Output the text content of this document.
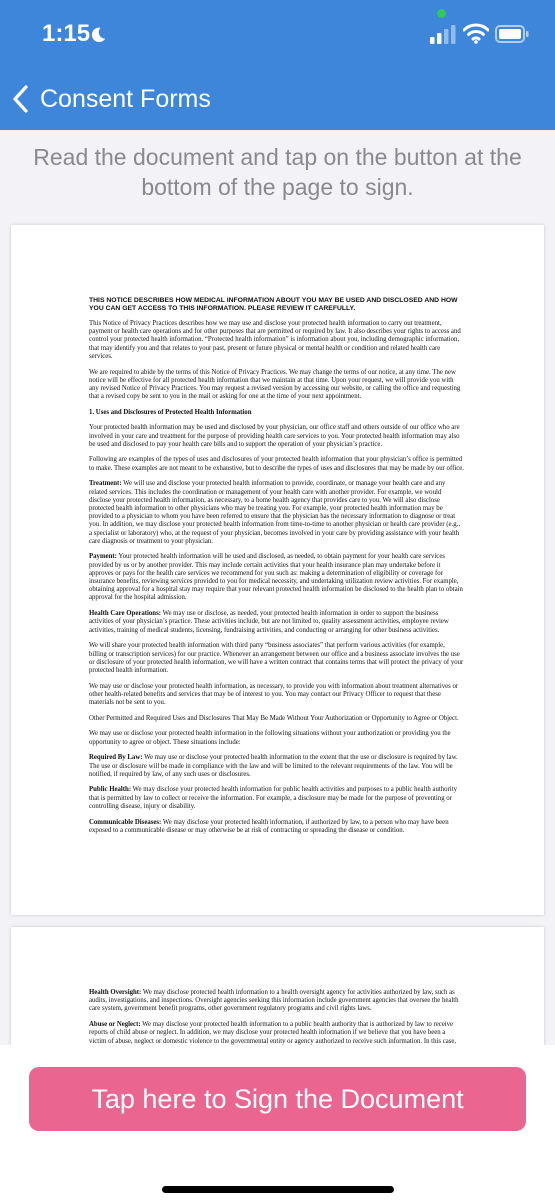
1:15
Consent Forms
Read the document and tap on the button at the bottom of the page to sign.
THIS NOTICE DESCRIBES HOW MEDICAL INFORMATION ABOUT YOU MAY BE USED AND DISCLOSED AND HOW YOU CAN GET ACCESS TO THIS INFORMATION. PLEASE REVIEW IT CAREFULLY.

This Notice of Privacy Practices describes how we may use and disclose your protected health information to carry out treatment, payment or health care operations and for other purposes that are permitted or required by law. It also describes your rights to access and control your protected health information. “Protected health information” is information about you, including demographic information, that may identify you and that relates to your past, present or future physical or mental health or condition and related health care services.

We are required to abide by the terms of this Notice of Privacy Practices. We may change the terms of our notice, at any time. The new notice will be effective for all protected health information that we maintain at that time. Upon your request, we will provide you with any revised Notice of Privacy Practices. You may request a revised version by accessing our website, or calling the office and requesting that a revised copy be sent to you in the mail or asking for one at the time of your next appointment.

1. Uses and Disclosures of Protected Health Information

Your protected health information may be used and disclosed by your physician, our office staff and others outside of our office who are involved in your care and treatment for the purpose of providing health care services to you. Your protected health information may also be used and disclosed to pay your health care bills and to support the operation of your physician’s practice.

Following are examples of the types of uses and disclosures of your protected health information that your physician’s office is permitted to make. These examples are not meant to be exhaustive, but to describe the types of uses and disclosures that may be made by our office.

Treatment: We will use and disclose your protected health information to provide, coordinate, or manage your health care and any related services. This includes the coordination or management of your health care with another provider. For example, we would disclose your protected health information, as necessary, to a home health agency that provides care to you. We will also disclose protected health information to other physicians who may be treating you. For example, your protected health information may be provided to a physician to whom you have been referred to ensure that the physician has the necessary information to diagnose or treat you. In addition, we may disclose your protected health information from time-to-time to another physician or health care provider (e.g., a specialist or laboratory) who, at the request of your physician, becomes involved in your care by providing assistance with your health care diagnosis or treatment to your physician.

Payment: Your protected health information will be used and disclosed, as needed, to obtain payment for your health care services provided by us or by another provider. This may include certain activities that your health insurance plan may undertake before it approves or pays for the health care services we recommend for you such as: making a determination of eligibility or coverage for insurance benefits, reviewing services provided to you for medical necessity, and undertaking utilization review activities. For example, obtaining approval for a hospital stay may require that your relevant protected health information be disclosed to the health plan to obtain approval for the hospital admission.

Health Care Operations: We may use or disclose, as needed, your protected health information in order to support the business activities of your physician’s practice. These activities include, but are not limited to, quality assessment activities, employee review activities, training of medical students, licensing, fundraising activities, and conducting or arranging for other business activities.

We will share your protected health information with third party “business associates” that perform various activities (for example, billing or transcription services) for our practice. Whenever an arrangement between our office and a business associate involves the use or disclosure of your protected health information, we will have a written contract that contains terms that will protect the privacy of your protected health information.

We may use or disclose your protected health information, as necessary, to provide you with information about treatment alternatives or other health-related benefits and services that may be of interest to you. You may contact our Privacy Officer to request that these materials not be sent to you.

Other Permitted and Required Uses and Disclosures That May Be Made Without Your Authorization or Opportunity to Agree or Object.

We may use or disclose your protected health information in the following situations without your authorization or providing you the opportunity to agree or object. These situations include:

Required By Law: We may use or disclose your protected health information to the extent that the use or disclosure is required by law. The use or disclosure will be made in compliance with the law and will be limited to the relevant requirements of the law. You will be notified, if required by law, of any such uses or disclosures.

Public Health: We may disclose your protected health information for public health activities and purposes to a public health authority that is permitted by law to collect or receive the information. For example, a disclosure may be made for the purpose of preventing or controlling disease, injury or disability.

Communicable Diseases: We may disclose your protected health information, if authorized by law, to a person who may have been exposed to a communicable disease or may otherwise be at risk of contracting or spreading the disease or condition.

Health Oversight: We may disclose protected health information to a health oversight agency for activities authorized by law, such as audits, investigations, and inspections. Oversight agencies seeking this information include government agencies that oversee the health care system, government benefit programs, other government regulatory programs and civil rights laws.

Abuse or Neglect: We may disclose your protected health information to a public health authority that is authorized by law to receive reports of child abuse or neglect. In addition, we may disclose your protected health information if we believe that you have been a victim of abuse, neglect or domestic violence to the governmental entity or agency authorized to receive such information. In this case,

Tap here to Sign the Document
